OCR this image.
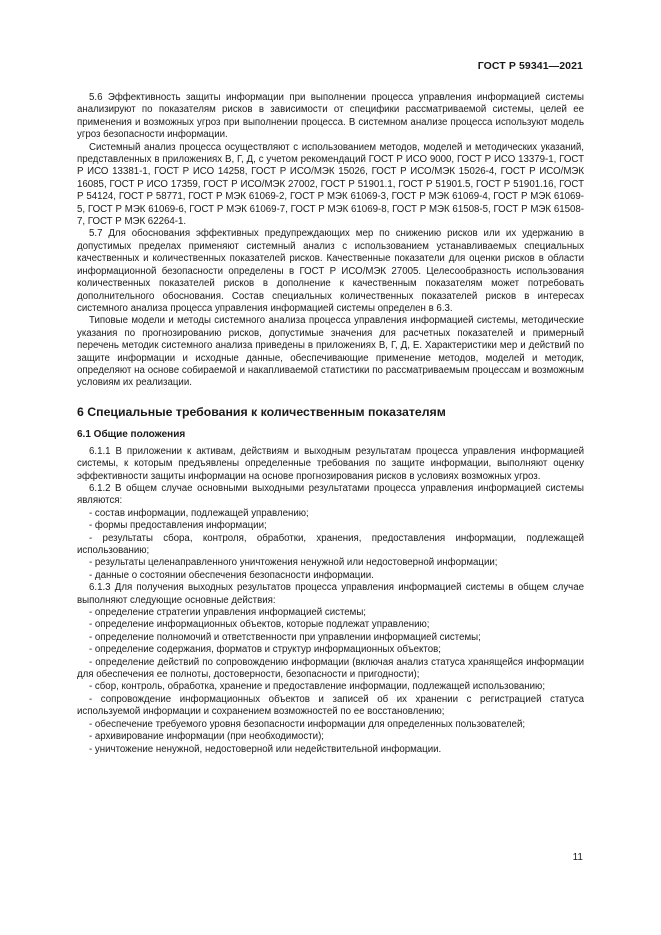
ГОСТ Р 59341—2021

5.6 Эффективность защиты информации при выполнении процесса управления информацией системы анализируют по показателям рисков в зависимости от специфики рассматриваемой системы, целей ее применения и возможных угроз при выполнении процесса. В системном анализе процесса используют модель угроз безопасности информации.

Системный анализ процесса осуществляют с использованием методов, моделей и методических указаний, представленных в приложениях В, Г, Д, с учетом рекомендаций ГОСТ Р ИСО 9000, ГОСТ Р ИСО 13379-1, ГОСТ Р ИСО 13381-1, ГОСТ Р ИСО 14258, ГОСТ Р ИСО/МЭК 15026, ГОСТ Р ИСО/МЭК 15026-4, ГОСТ Р ИСО/МЭК 16085, ГОСТ Р ИСО 17359, ГОСТ Р ИСО/МЭК 27002, ГОСТ Р 51901.1, ГОСТ Р 51901.5, ГОСТ Р 51901.16, ГОСТ Р 54124, ГОСТ Р 58771, ГОСТ Р МЭК 61069-2, ГОСТ Р МЭК 61069-3, ГОСТ Р МЭК 61069-4, ГОСТ Р МЭК 61069-5, ГОСТ Р МЭК 61069-6, ГОСТ Р МЭК 61069-7, ГОСТ Р МЭК 61069-8, ГОСТ Р МЭК 61508-5, ГОСТ Р МЭК 61508-7, ГОСТ Р МЭК 62264-1.

5.7 Для обоснования эффективных предупреждающих мер по снижению рисков или их удержанию в допустимых пределах применяют системный анализ с использованием устанавливаемых специальных качественных и количественных показателей рисков. Качественные показатели для оценки рисков в области информационной безопасности определены в ГОСТ Р ИСО/МЭК 27005. Целесообразность использования количественных показателей рисков в дополнение к качественным показателям может потребовать дополнительного обоснования. Состав специальных количественных показателей рисков в интересах системного анализа процесса управления информацией системы определен в 6.3.

Типовые модели и методы системного анализа процесса управления информацией системы, методические указания по прогнозированию рисков, допустимые значения для расчетных показателей и примерный перечень методик системного анализа приведены в приложениях В, Г, Д, Е. Характеристики мер и действий по защите информации и исходные данные, обеспечивающие применение методов, моделей и методик, определяют на основе собираемой и накапливаемой статистики по рассматриваемым процессам и возможным условиям их реализации.

6 Специальные требования к количественным показателям
6.1 Общие положения

6.1.1 В приложении к активам, действиям и выходным результатам процесса управления информацией системы, к которым предъявлены определенные требования по защите информации, выполняют оценку эффективности защиты информации на основе прогнозирования рисков в условиях возможных угроз.

6.1.2 В общем случае основными выходными результатами процесса управления информацией системы являются:

- состав информации, подлежащей управлению;

- формы предоставления информации;

- результаты сбора, контроля, обработки, хранения, предоставления информации, подлежащей использованию;

- результаты целенаправленного уничтожения ненужной или недостоверной информации;

- данные о состоянии обеспечения безопасности информации.

6.1.3 Для получения выходных результатов процесса управления информацией системы в общем случае выполняют следующие основные действия:

- определение стратегии управления информацией системы;

- определение информационных объектов, которые подлежат управлению;

- определение полномочий и ответственности при управлении информацией системы;

- определение содержания, форматов и структур информационных объектов;

- определение действий по сопровождению информации (включая анализ статуса хранящейся информации для обеспечения ее полноты, достоверности, безопасности и пригодности);

- сбор, контроль, обработка, хранение и предоставление информации, подлежащей использованию;

- сопровождение информационных объектов и записей об их хранении с регистрацией статуса используемой информации и сохранением возможностей по ее восстановлению;

- обеспечение требуемого уровня безопасности информации для определенных пользователей;

- архивирование информации (при необходимости);

- уничтожение ненужной, недостоверной или недействительной информации.

11
